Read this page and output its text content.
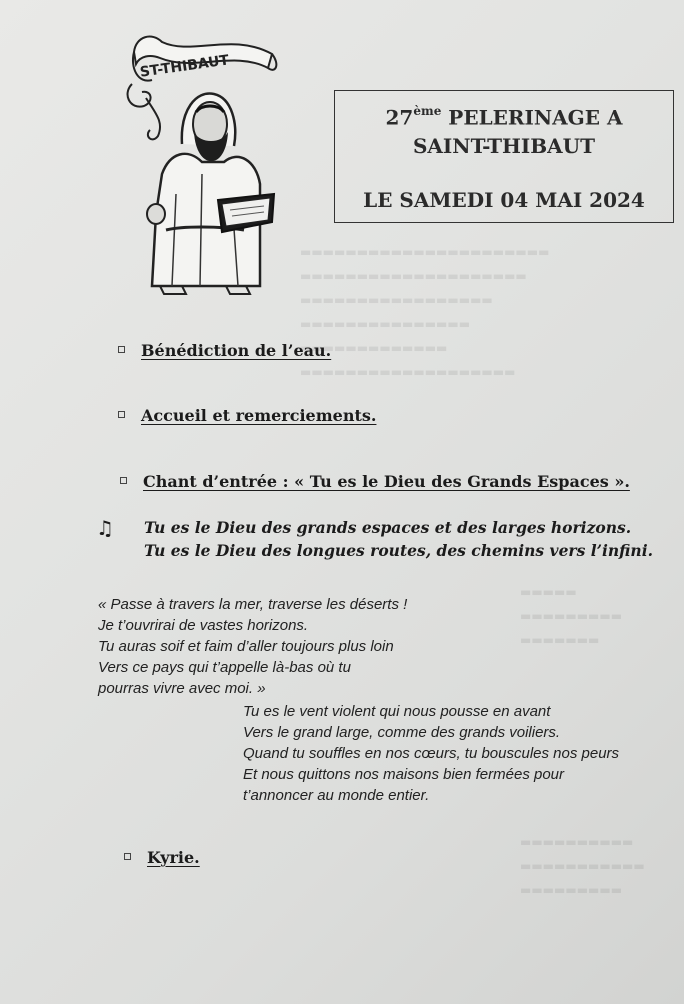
▬▬▬▬▬▬▬▬▬▬▬▬▬▬▬▬▬▬▬▬▬▬
▬▬▬▬▬▬▬▬▬▬▬▬▬▬▬▬▬▬▬▬
▬▬▬▬▬▬▬▬▬▬▬▬▬▬▬▬▬
▬▬▬▬▬▬▬▬▬▬▬▬▬▬▬
▬▬▬▬▬▬▬▬▬▬▬▬▬
▬▬▬▬▬▬▬▬▬▬▬▬▬▬▬▬▬▬▬
▬▬▬▬▬
▬▬▬▬▬▬▬▬▬
▬▬▬▬▬▬▬
▬▬▬▬▬▬▬▬▬▬
▬▬▬▬▬▬▬▬▬▬▬
▬▬▬▬▬▬▬▬▬
ST-THIBAUT
27ème PELERINAGE A
SAINT-THIBAUT
LE SAMEDI 04 MAI 2024
Bénédiction de l’eau.
Accueil et remerciements.
Chant d’entrée : « Tu es le Dieu des Grands Espaces ».
♫ Tu es le Dieu des grands espaces et des larges horizons.
Tu es le Dieu des longues routes, des chemins vers l’infini.
« Passe à travers la mer, traverse les déserts !
Je t’ouvrirai de vastes horizons.
Tu auras soif et faim d’aller toujours plus loin
Vers ce pays qui t’appelle là-bas où tu
pourras vivre avec moi. »
Tu es le vent violent qui nous pousse en avant
Vers le grand large, comme des grands voiliers.
Quand tu souffles en nos cœurs, tu bouscules nos peurs
Et nous quittons nos maisons bien fermées pour
t’annoncer au monde entier.
Kyrie.
